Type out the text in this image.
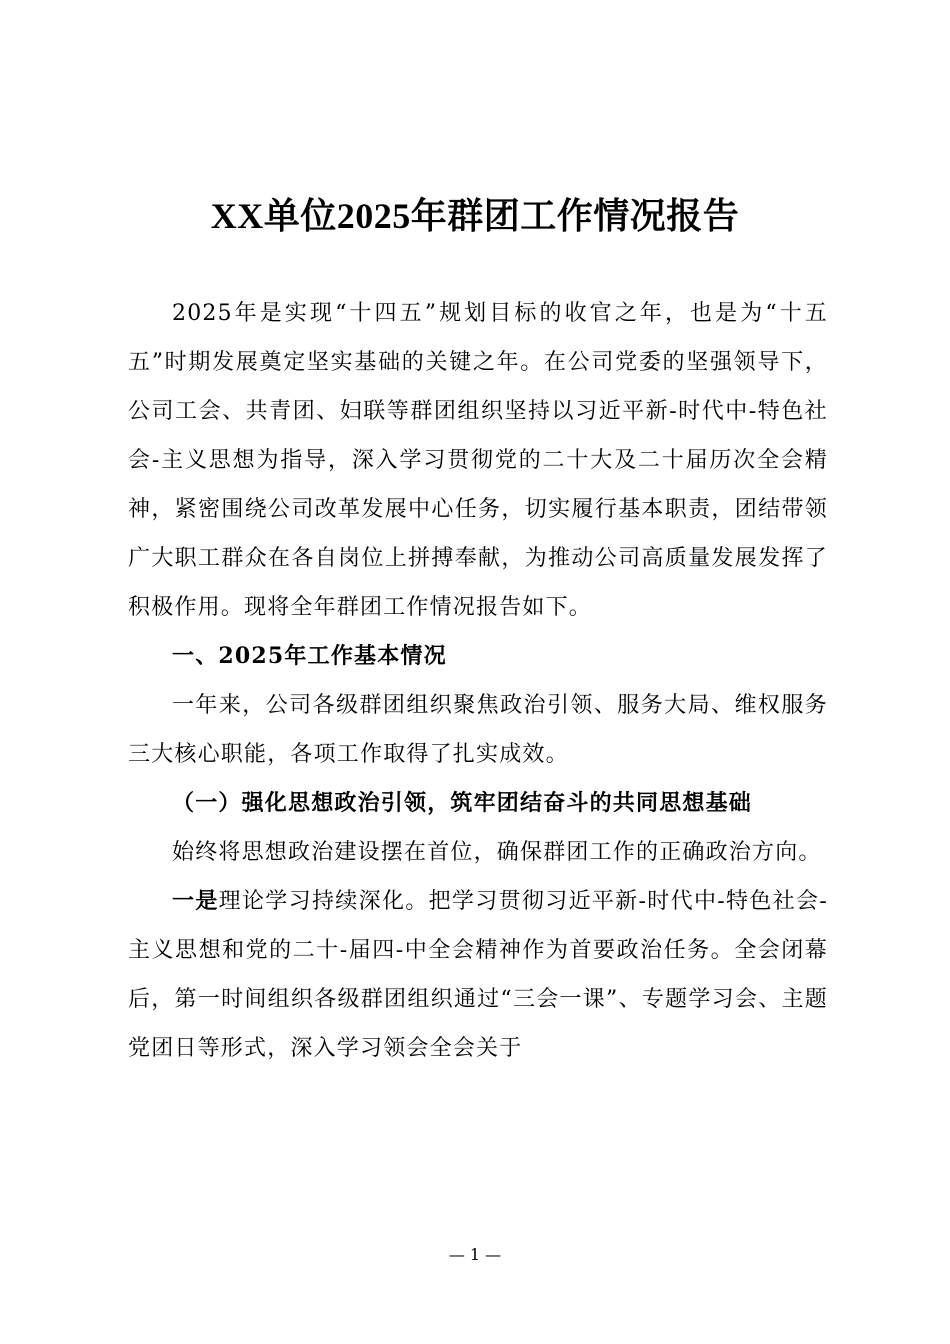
XX单位2025年群团工作情况报告

2025年是实现“十四五”规划目标的收官之年，也是为“十五五”时期发展奠定坚实基础的关键之年。在公司党委的坚强领导下，公司工会、共青团、妇联等群团组织坚持以习近平新-时代中-特色社会-主义思想为指导，深入学习贯彻党的二十大及二十届历次全会精神，紧密围绕公司改革发展中心任务，切实履行基本职责，团结带领广大职工群众在各自岗位上拼搏奉献，为推动公司高质量发展发挥了积极作用。现将全年群团工作情况报告如下。

一、2025年工作基本情况

一年来，公司各级群团组织聚焦政治引领、服务大局、维权服务三大核心职能，各项工作取得了扎实成效。

（一）强化思想政治引领，筑牢团结奋斗的共同思想基础

始终将思想政治建设摆在首位，确保群团工作的正确政治方向。

一是理论学习持续深化。把学习贯彻习近平新-时代中-特色社会-主义思想和党的二十-届四-中全会精神作为首要政治任务。全会闭幕后，第一时间组织各级群团组织通过“三会一课”、专题学习会、主题党团日等形式，深入学习领会全会关于

— 1 —
